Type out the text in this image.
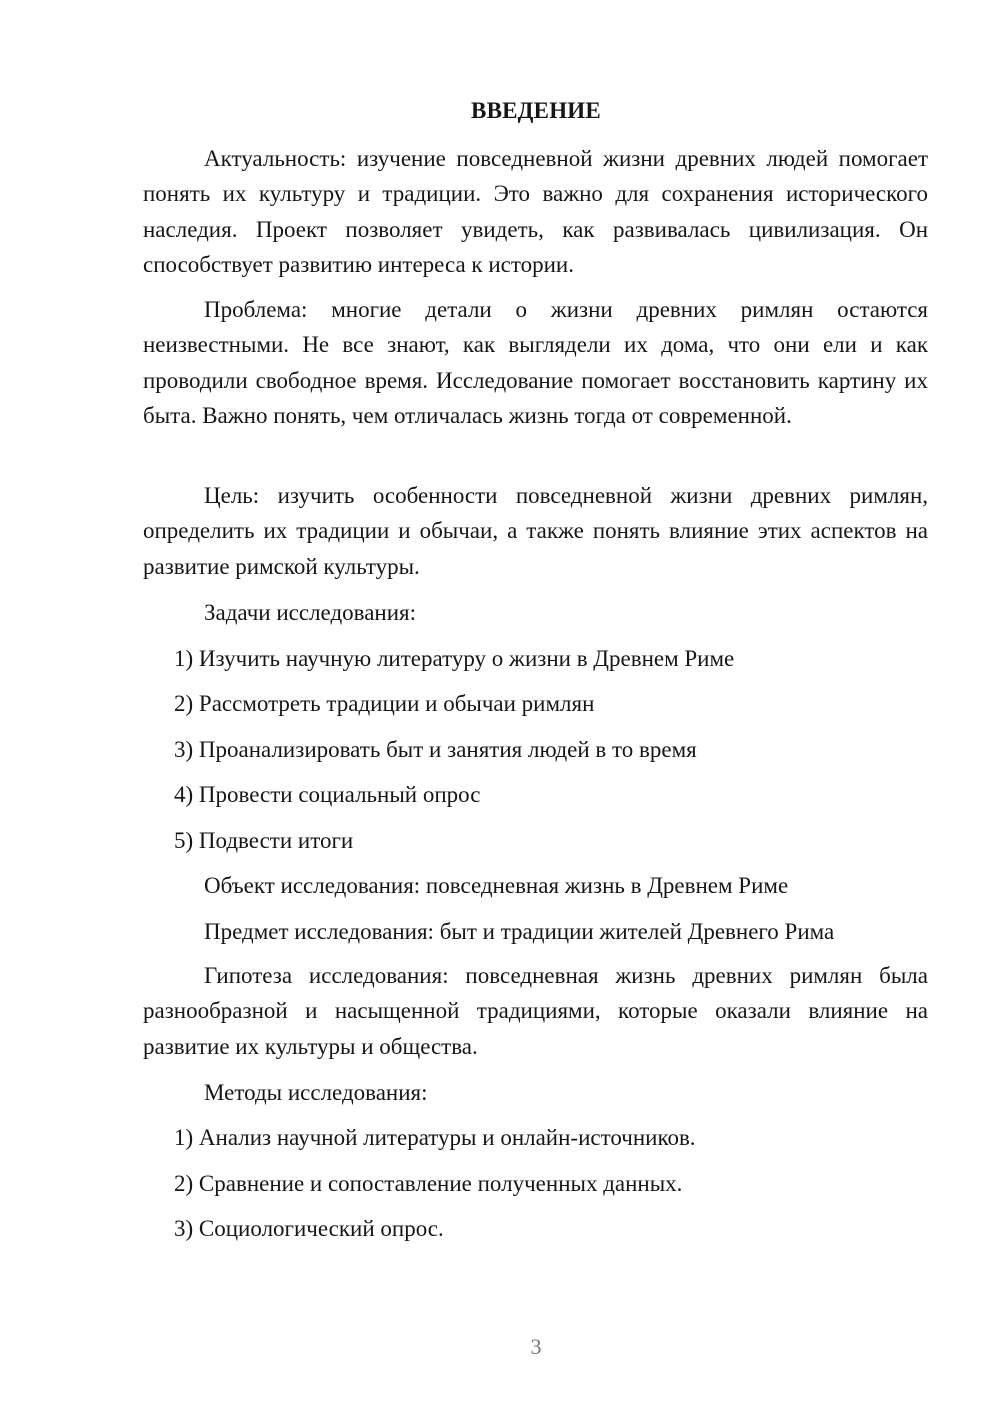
ВВЕДЕНИЕ

Актуальность: изучение повседневной жизни древних людей помогает понять их культуру и традиции. Это важно для сохранения исторического наследия. Проект позволяет увидеть, как развивалась цивилизация. Он способствует развитию интереса к истории.

Проблема: многие детали о жизни древних римлян остаются неизвестными. Не все знают, как выглядели их дома, что они ели и как проводили свободное время. Исследование помогает восстановить картину их быта. Важно понять, чем отличалась жизнь тогда от современной.

Цель: изучить особенности повседневной жизни древних римлян, определить их традиции и обычаи, а также понять влияние этих аспектов на развитие римской культуры.

Задачи исследования:
1) Изучить научную литературу о жизни в Древнем Риме
2) Рассмотреть традиции и обычаи римлян
3) Проанализировать быт и занятия людей в то время
4) Провести социальный опрос
5) Подвести итоги
Объект исследования: повседневная жизнь в Древнем Риме
Предмет исследования: быт и традиции жителей Древнего Рима

Гипотеза исследования: повседневная жизнь древних римлян была разнообразной и насыщенной традициями, которые оказали влияние на развитие их культуры и общества.

Методы исследования:
1) Анализ научной литературы и онлайн-источников.
2) Сравнение и сопоставление полученных данных.
3) Социологический опрос.
3
